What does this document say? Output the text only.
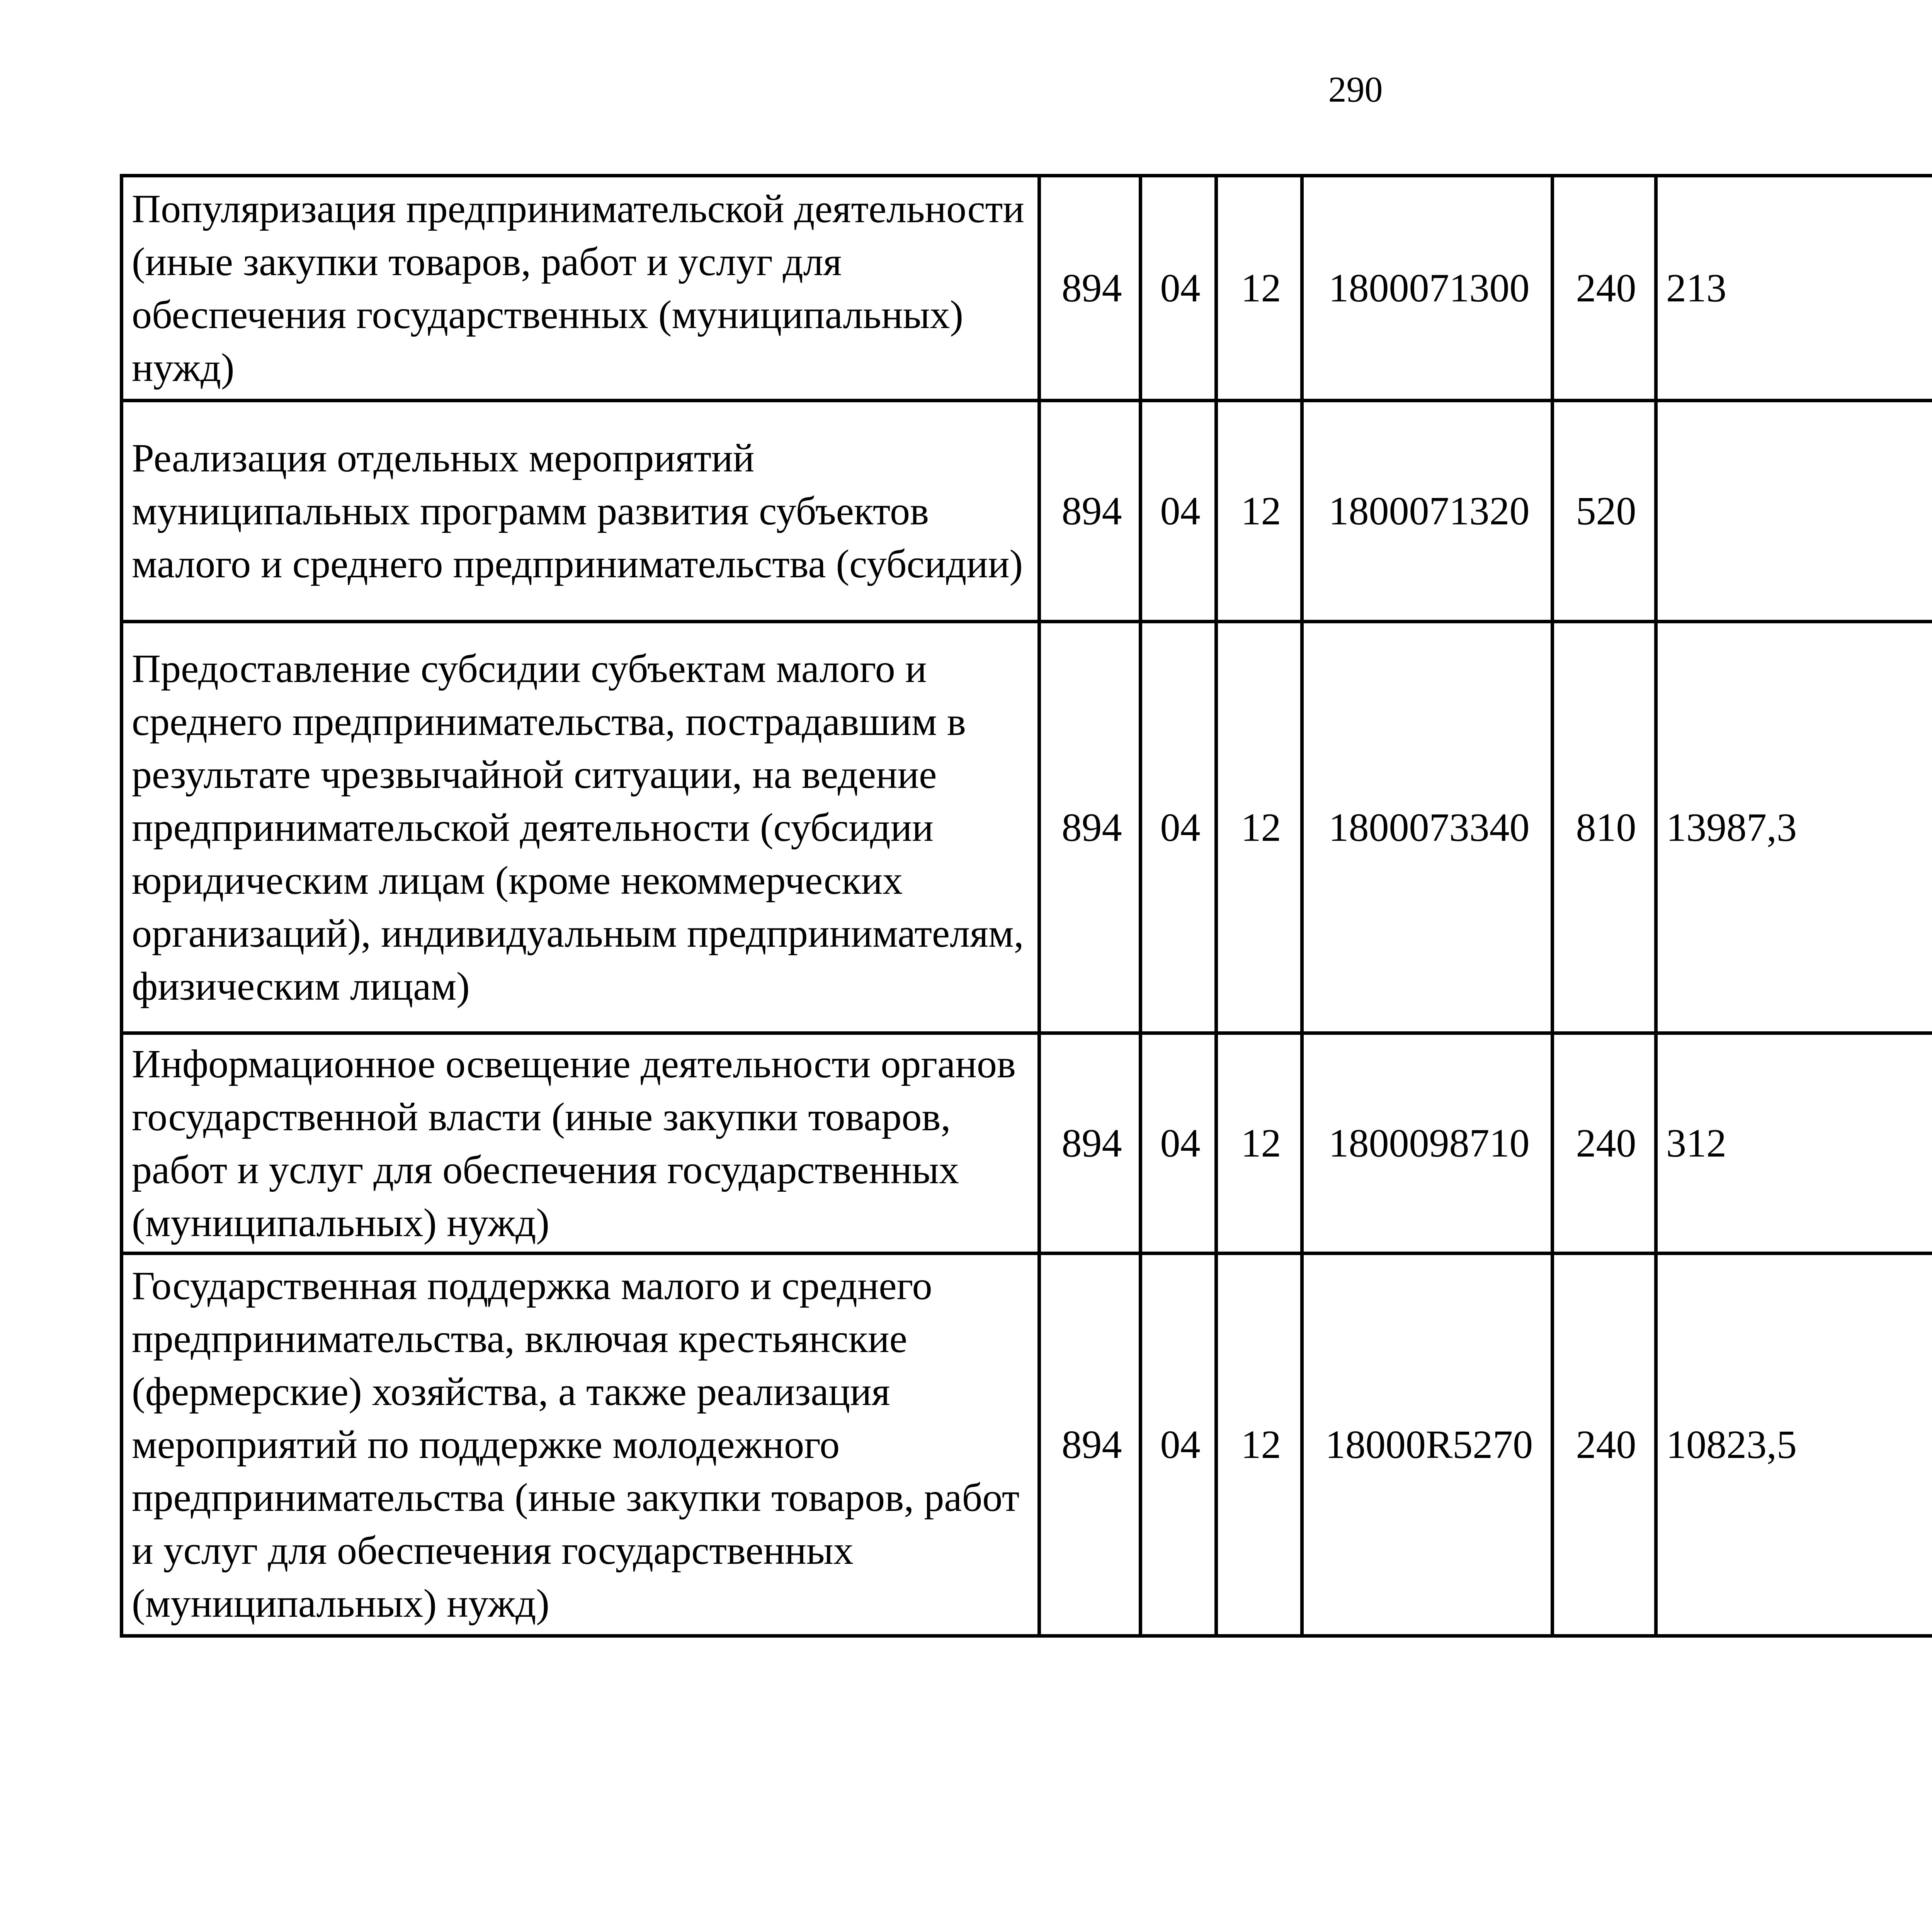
290
Популяризация предпринимательской деятельности (иные закупки товаров, работ и услуг для обеспечения государственных (муниципальных) нужд)	894	04	12	1800071300	240	213		
Реализация отдельных мероприятий муниципальных программ развития субъектов малого и среднего предпринимательства (субсидии)	894	04	12	1800071320	520			
Предоставление субсидии субъектам малого и среднего предпринимательства, пострадавшим в результате чрезвычайной ситуации, на ведение предпринимательской деятельности (субсидии юридическим лицам (кроме некоммерческих организаций), индивидуальным предпринимателям, физическим лицам)	894	04	12	1800073340	810	13987,3		
Информационное освещение деятельности органов государственной власти (иные закупки товаров, работ и услуг для обеспечения государственных (муниципальных) нужд)	894	04	12	1800098710	240	312		
Государственная поддержка малого и среднего предпринимательства, включая крестьянские (фермерские) хозяйства, а также реализация мероприятий по поддержке молодежного предпринимательства (иные закупки товаров, работ и услуг для обеспечения государственных (муниципальных) нужд)	894	04	12	18000R5270	240	10823,5		
